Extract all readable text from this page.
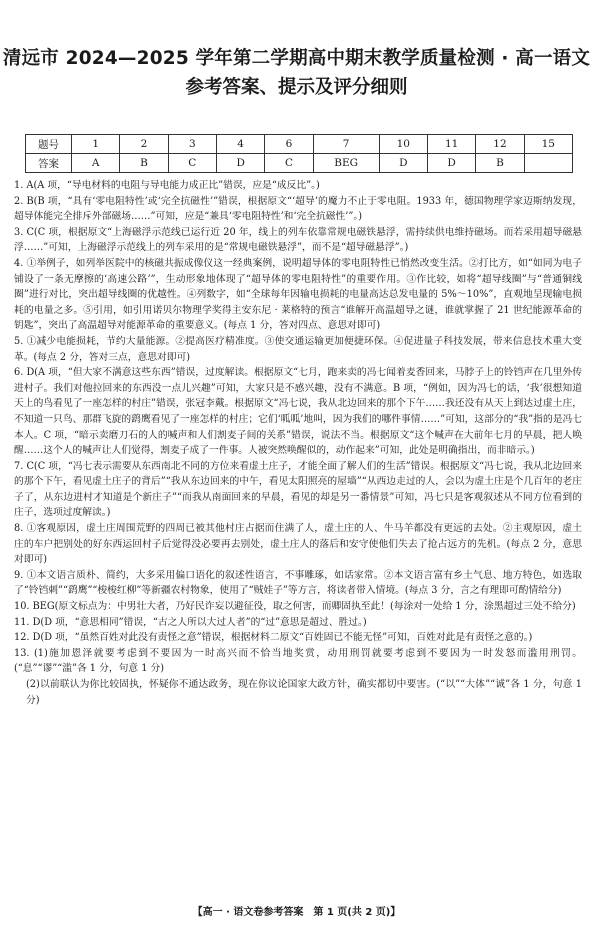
清远市 2024—2025 学年第二学期高中期末教学质量检测 · 高一语文
参考答案、提示及评分细则
题号	1	2	3	4	6	7	10	11	12	15
答案	A	B	C	D	C	BEG	D	D	B	

1. A(A 项，“导电材料的电阻与导电能力成正比”错误，应是“成反比”。)

2. B(B 项，“具有‘零电阻特性’或‘完全抗磁性’”错误，根据原文“‘超导’的魔力不止于零电阻。1933 年，德国物理学家迈斯纳发现，超导体能完全排斥外部磁场……”可知，应是“兼具‘零电阻特性’和‘完全抗磁性’”。)

3. C(C 项，根据原文“上海磁浮示范线已运行近 20 年，线上的列车依靠常规电磁铁悬浮，需持续供电维持磁场。而若采用超导磁悬浮……”可知，上海磁浮示范线上的列车采用的是“常规电磁铁悬浮”，而不是“超导磁悬浮”。)

4. ①举例子，如列举医院中的核磁共振成像仪这一经典案例，说明超导体的零电阻特性已悄然改变生活。②打比方，如“如同为电子铺设了一条无摩擦的‘高速公路’”，生动形象地体现了“超导体的零电阻特性”的重要作用。③作比较，如将“超导线圈”与“普通铜线圈”进行对比，突出超导线圈的优越性。④列数字，如“全球每年因输电损耗的电量高达总发电量的 5%～10%”，直观地呈现输电损耗的电量之多。⑤引用，如引用诺贝尔物理学奖得主安东尼 · 莱格特的预言“谁解开高温超导之谜，谁就掌握了 21 世纪能源革命的钥匙”，突出了高温超导对能源革命的重要意义。(每点 1 分，答对四点、意思对即可)

5. ①减少电能损耗，节约大量能源。②提高医疗精准度。③使交通运输更加便捷环保。④促进量子科技发展，带来信息技术重大变革。(每点 2 分，答对三点，意思对即可)

6. D(A 项，“但大家不满意这些东西”错误，过度解读。根据原文“七月，跑来卖的冯七闻着麦香回来，马脖子上的铃铛声在几里外传进村子。我们对他拉回来的东西没一点儿兴趣”可知，大家只是不感兴趣，没有不满意。B 项，“例如，因为冯七的话，‘我’很想知道天上的鸟看见了一座怎样的村庄”错误，张冠李戴。根据原文“冯七说，我从北边回来的那个下午……我还没有从天上到达过虚土庄，不知道一只鸟、那群飞旋的鹞鹰看见了一座怎样的村庄；它们‘呱呱’地叫，因为我们的哪件事情……”可知，这部分的“我”指的是冯七本人。C 项，“暗示卖磨刀石的人的喊声和人们割麦子间的关系”错误，说法不当。根据原文“这个喊声在大前年七月的早晨，把人唤醒……这个人的喊声让人们觉得，割麦子成了一件事。人被突然唤醒似的，动作起来”可知，此处是明确指出，而非暗示。)

7. C(C 项，“冯七表示需要从东西南北不同的方位来看虚土庄子，才能全面了解人们的生活”错误。根据原文“冯七说，我从北边回来的那个下午，看见虚土庄子的背后”“我从东边回来的中午，看见太阳照亮的屋墙”“从西边走过的人，会以为虚土庄是个几百年的老庄子了，从东边进村才知道是个新庄子”“而我从南面回来的早晨，看见的却是另一番情景”可知，冯七只是客观叙述从不同方位看到的庄子，选项过度解读。)

8. ①客观原因，虚土庄周围荒野的四周已被其他村庄占据而住满了人，虚土庄的人、牛马羊都没有更远的去处。②主观原因，虚土庄的车户把别处的好东西运回村子后觉得没必要再去别处，虚土庄人的落后和安守使他们失去了抢占远方的先机。(每点 2 分，意思对即可)

9. ①本文语言质朴、简约，大多采用偏口语化的叙述性语言，不事雕琢，如话家常。②本文语言富有乡土气息、地方特色，如选取了“铃铛刺”“鹞鹰”“梭梭红柳”等新疆农村物象，使用了“贼娃子”等方言，将读者带入情境。(每点 3 分，言之有理即可酌情给分)

10. BEG(原文标点为：中男壮大者，乃好民诈妄以避征役，取之何害，而卿固执至此！(每涂对一处给 1 分，涂黑超过三处不给分)

11. D(D 项，“意思相同”错误，“古之人所以大过人者”的“过”意思是超过、胜过。)

12. D(D 项，“虽然百姓对此没有责怪之意”错误，根据材料二原文“百姓固已不能无怪”可知，百姓对此是有责怪之意的。)

13. (1)施加恩泽就要考虑到不要因为一时高兴而不恰当地奖赏，动用刑罚就要考虑到不要因为一时发怒而滥用刑罚。(“息”“谬”“滥”各 1 分，句意 1 分)

(2)以前联认为你比较固执，怀疑你不通达政务，现在你议论国家大政方针，确实都切中要害。(“以”“大体”“诚”各 1 分，句意 1 分)

【高一 · 语文卷参考答案　第 1 页(共 2 页)】
